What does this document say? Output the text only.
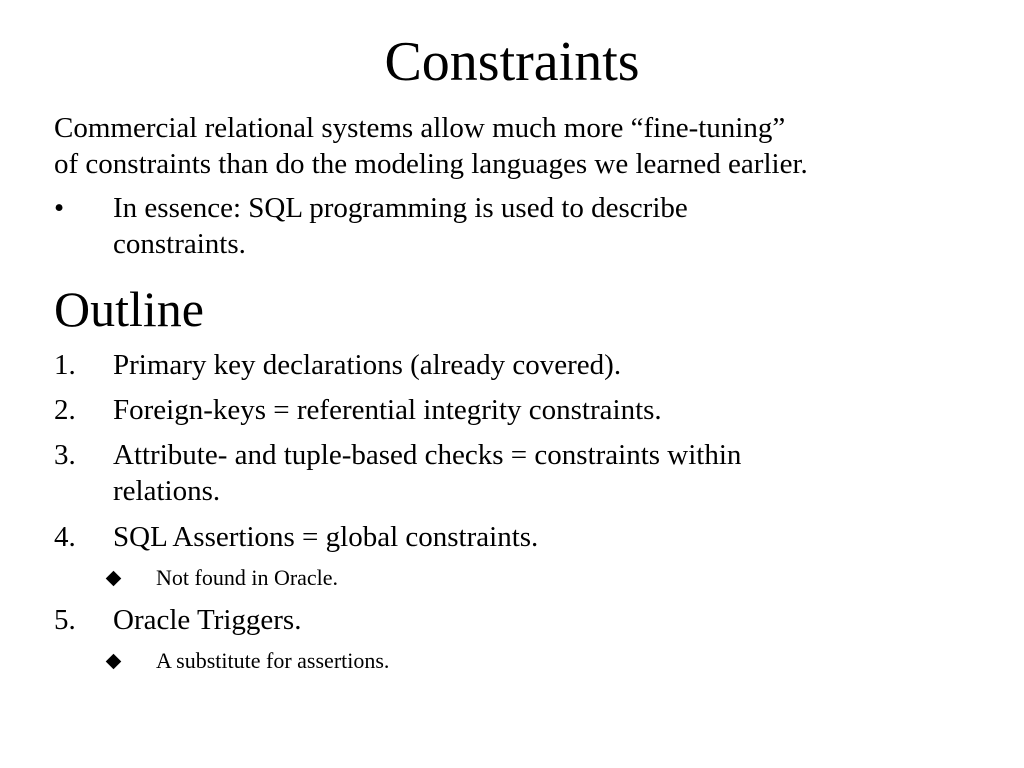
Constraints
Commercial relational systems allow much more “fine-tuning”
of constraints than do the modeling languages we learned earlier.
• In essence: SQL programming is used to describe
constraints.
Outline
1. Primary key declarations (already covered).
2. Foreign-keys = referential integrity constraints.
3. Attribute- and tuple-based checks = constraints within
relations.
4. SQL Assertions = global constraints.
Not found in Oracle.
5. Oracle Triggers.
A substitute for assertions.
